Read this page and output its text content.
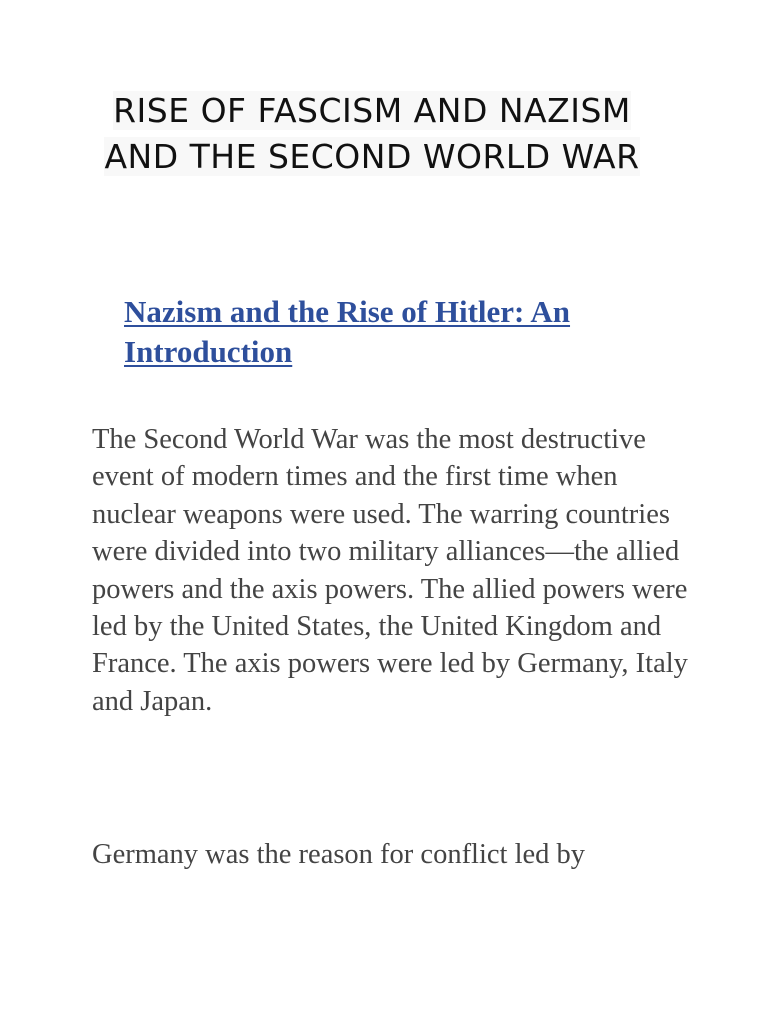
RISE OF FASCISM AND NAZISM AND THE SECOND WORLD WAR
Nazism and the Rise of Hitler: An Introduction

The Second World War was the most destructive event of modern times and the first time when nuclear weapons were used. The warring countries were divided into two military alliances—the allied powers and the axis powers. The allied powers were led by the United States, the United Kingdom and France. The axis powers were led by Germany, Italy and Japan.

Germany was the reason for conflict led by
